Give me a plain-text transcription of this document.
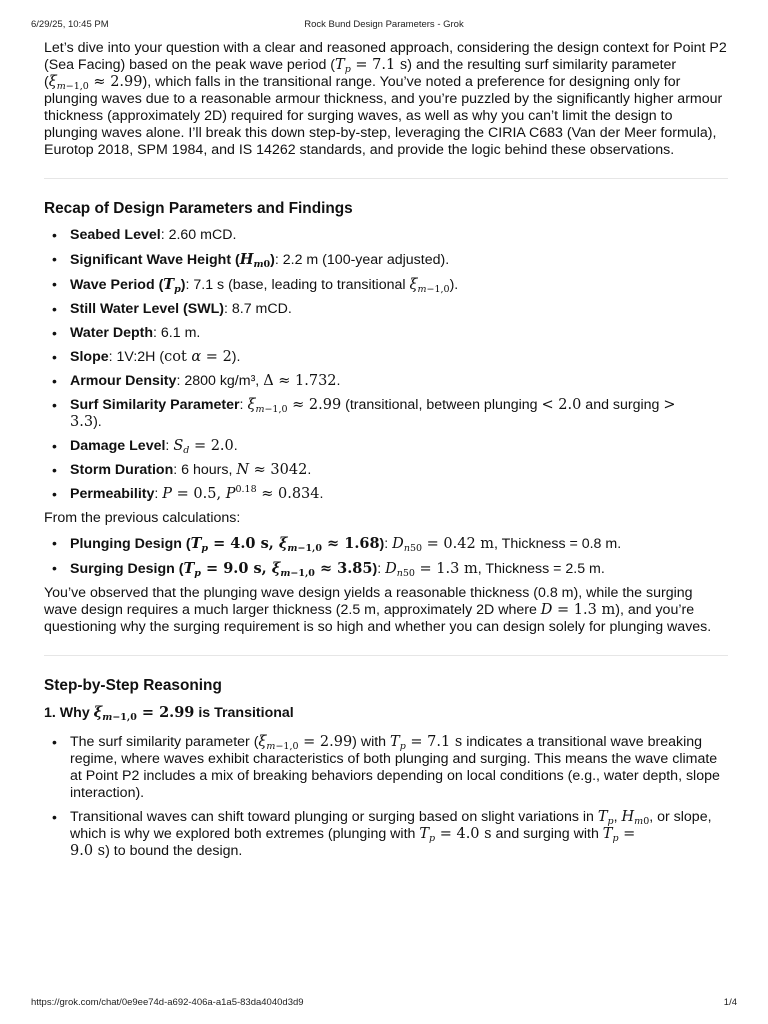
6/29/25, 10:45 PM	Rock Bund Design Parameters - Grok

Let’s dive into your question with a clear and reasoned approach, considering the design context for Point P2 (Sea Facing) based on the peak wave period ($T_p = 7.1$ s) and the resulting surf similarity parameter $(\xi_{m-1,0} \approx 2.99)$, which falls in the transitional range. You’ve noted a preference for designing only for plunging waves due to a reasonable armour thickness, and you’re puzzled by the significantly higher armour thickness (approximately 2D) required for surging waves, as well as why you can’t limit the design to plunging waves alone. I’ll break this down step-by-step, leveraging the CIRIA C683 (Van der Meer formula), Eurotop 2018, SPM 1984, and IS 14262 standards, and provide the logic behind these observations.

Recap of Design Parameters and Findings
• Seabed Level: 2.60 mCD.
• Significant Wave Height $(H_{m0})$: 2.2 m (100-year adjusted).
• Wave Period $(T_p)$: 7.1 s (base, leading to transitional $\xi_{m-1,0}$).
• Still Water Level (SWL): 8.7 mCD.
• Water Depth: 6.1 m.
• Slope: 1V:2H (cot α = 2).
• Armour Density: 2800 kg/m³, Δ ≈ 1.732.
• Surf Similarity Parameter: $\xi_{m-1,0} \approx 2.99$ (transitional, between plunging < 2.0 and surging >
3.3).
• Damage Level: $S_d = 2.0$.
• Storm Duration: 6 hours, N ≈ 3042.
• Permeability: P = 0.5, $P^{0.18} \approx 0.834$.

From the previous calculations:

• Plunging Design ($T_p = 4.0$ s, $\xi_{m-1,0} \approx 1.68$): $D_{n50} = 0.42$ m, Thickness = 0.8 m.
• Surging Design ($T_p = 9.0$ s, $\xi_{m-1,0} \approx 3.85$): $D_{n50} = 1.3$ m, Thickness = 2.5 m.

You’ve observed that the plunging wave design yields a reasonable thickness (0.8 m), while the surging wave design requires a much larger thickness (2.5 m, approximately 2D where D = 1.3 m), and you’re questioning why the surging requirement is so high and whether you can design solely for plunging waves.

Step-by-Step Reasoning
1. Why $\xi_{m-1,0} = 2.99$ is Transitional
• The surf similarity parameter $(\xi_{m-1,0} = 2.99)$ with $T_p = 7.1$ s indicates a transitional wave breaking regime, where waves exhibit characteristics of both plunging and surging. This means the wave climate at Point P2 includes a mix of breaking behaviors depending on local conditions (e.g., water depth, slope interaction).
• Transitional waves can shift toward plunging or surging based on slight variations in $T_p$, $H_{m0}$, or slope, which is why we explored both extremes (plunging with $T_p = 4.0$ s and surging with $T_p$ =
9.0 s) to bound the design.
https://grok.com/chat/0e9ee74d-a692-406a-a1a5-83da4040d3d9	1/4
